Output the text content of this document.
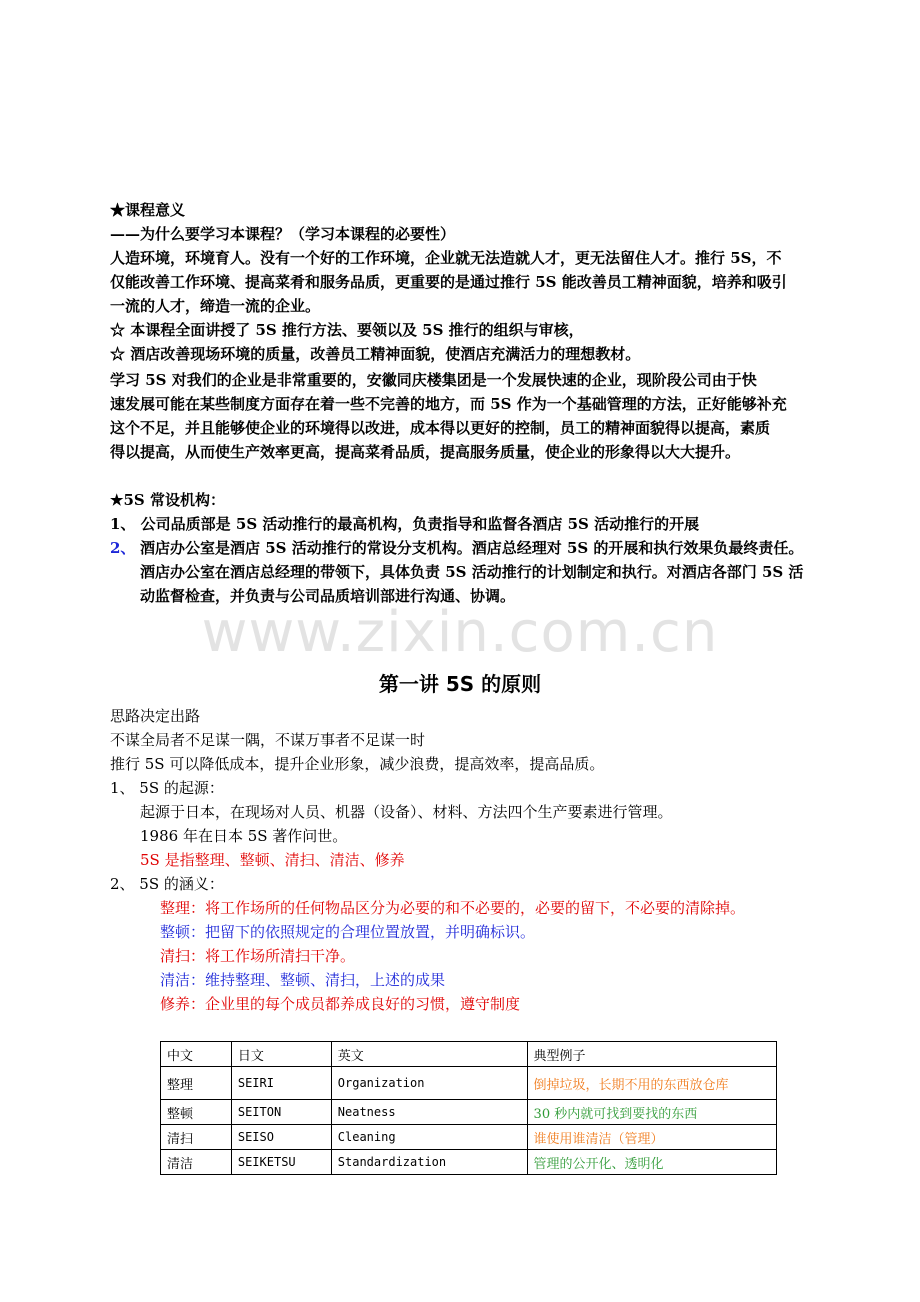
www.zixin.com.cn
★课程意义
——为什么要学习本课程？（学习本课程的必要性）
人造环境，环境育人。没有一个好的工作环境，企业就无法造就人才，更无法留住人才。推行 5S，不
仅能改善工作环境、提高菜肴和服务品质，更重要的是通过推行 5S 能改善员工精神面貌，培养和吸引
一流的人才，缔造一流的企业。
☆ 本课程全面讲授了 5S 推行方法、要领以及 5S 推行的组织与审核，
☆ 酒店改善现场环境的质量，改善员工精神面貌，使酒店充满活力的理想教材。
学习 5S 对我们的企业是非常重要的，安徽同庆楼集团是一个发展快速的企业，现阶段公司由于快
速发展可能在某些制度方面存在着一些不完善的地方，而 5S 作为一个基础管理的方法，正好能够补充
这个不足，并且能够使企业的环境得以改进，成本得以更好的控制，员工的精神面貌得以提高，素质
得以提高，从而使生产效率更高，提高菜肴品质，提高服务质量，使企业的形象得以大大提升。
★5S 常设机构：
1、 公司品质部是 5S 活动推行的最高机构，负责指导和监督各酒店 5S 活动推行的开展
2、 酒店办公室是酒店 5S 活动推行的常设分支机构。酒店总经理对 5S 的开展和执行效果负最终责任。
酒店办公室在酒店总经理的带领下，具体负责 5S 活动推行的计划制定和执行。对酒店各部门 5S 活
动监督检查，并负责与公司品质培训部进行沟通、协调。
第一讲 5S 的原则
思路决定出路
不谋全局者不足谋一隅，不谋万事者不足谋一时
推行 5S 可以降低成本，提升企业形象，减少浪费，提高效率，提高品质。
1、 5S 的起源：
起源于日本，在现场对人员、机器（设备）、材料、方法四个生产要素进行管理。
1986 年在日本 5S 著作问世。
5S 是指整理、整顿、清扫、清洁、修养
2、 5S 的涵义：
整理：将工作场所的任何物品区分为必要的和不必要的，必要的留下，不必要的清除掉。
整顿：把留下的依照规定的合理位置放置，并明确标识。
清扫：将工作场所清扫干净。
清洁：维持整理、整顿、清扫，上述的成果
修养：企业里的每个成员都养成良好的习惯，遵守制度
中文	日文	英文	典型例子
整理	SEIRI	Organization	倒掉垃圾，长期不用的东西放仓库
整顿	SEITON	Neatness	30 秒内就可找到要找的东西
清扫	SEISO	Cleaning	谁使用谁清洁（管理）
清洁	SEIKETSU	Standardization	管理的公开化、透明化
